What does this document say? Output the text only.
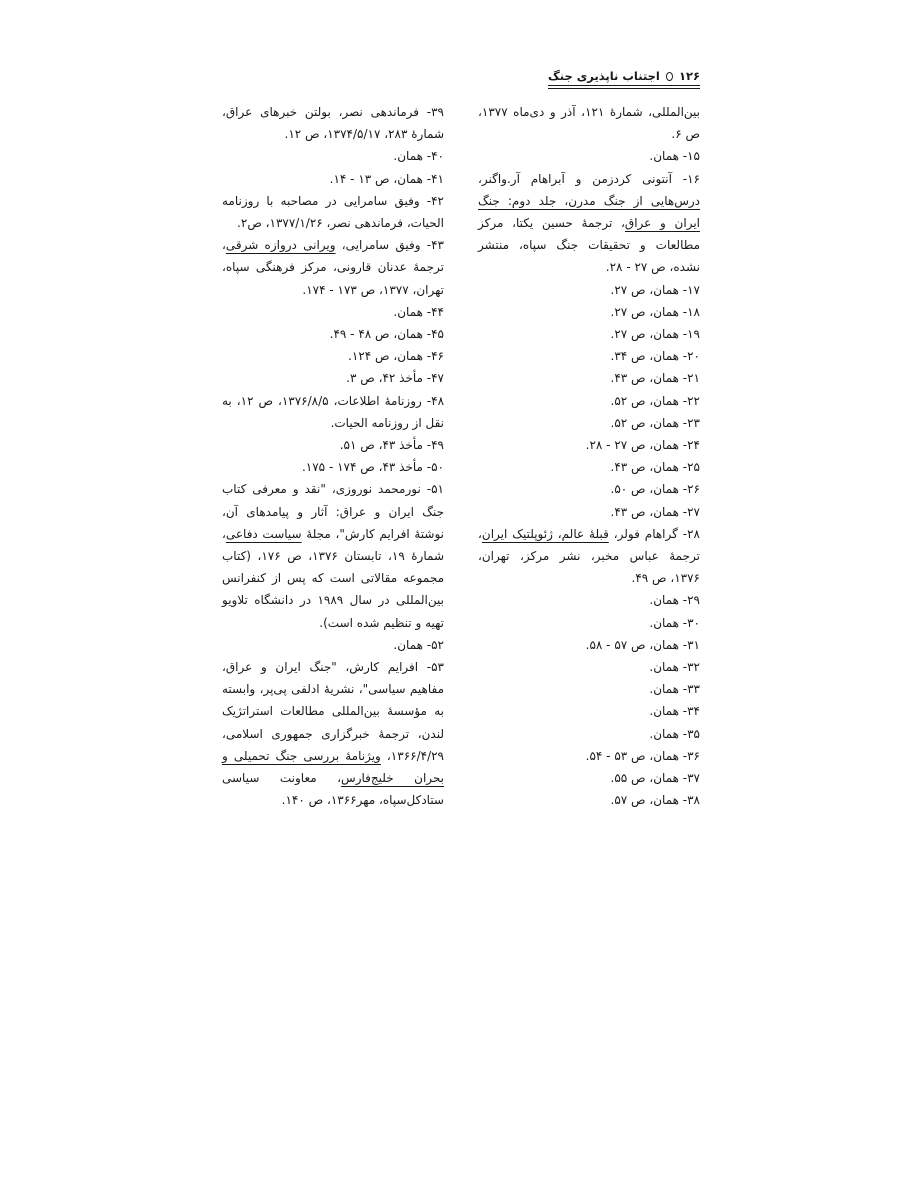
۱۲۶
اجتناب ناپذیری جنگ

بین‌المللی، شمارهٔ ۱۲۱، آذر و دی‌ماه ۱۳۷۷، ص ۶.

۱۵- همان.

۱۶- آنتونی کردزمن و آبراهام آر.واگنر، درس‌هایی از جنگ مدرن، جلد دوم: جنگ ایران و عراق، ترجمهٔ حسین یکتا، مرکز مطالعات و تحقیقات جنگ سپاه، منتشر نشده، ص ۲۷ - ۲۸.

۱۷- همان، ص ۲۷.

۱۸- همان، ص ۲۷.

۱۹- همان، ص ۲۷.

۲۰- همان، ص ۳۴.

۲۱- همان، ص ۴۳.

۲۲- همان، ص ۵۲.

۲۳- همان، ص ۵۲.

۲۴- همان، ص ۲۷ - ۲۸.

۲۵- همان، ص ۴۳.

۲۶- همان، ص ۵۰.

۲۷- همان، ص ۴۳.

۲۸- گراهام فولر، قبلهٔ عالم، ژئوپلتیک ایران، ترجمهٔ عباس مخبر، نشر مرکز، تهران، ۱۳۷۶، ص ۴۹.

۲۹- همان.

۳۰- همان.

۳۱- همان، ص ۵۷ - ۵۸.

۳۲- همان.

۳۳- همان.

۳۴- همان.

۳۵- همان.

۳۶- همان، ص ۵۳ - ۵۴.

۳۷- همان، ص ۵۵.

۳۸- همان، ص ۵۷.

۳۹- فرماندهی نصر، بولتن خبرهای عراق، شمارهٔ ۲۸۳، ۱۳۷۴/۵/۱۷، ص ۱۲.

۴۰- همان.

۴۱- همان، ص ۱۳ - ۱۴.

۴۲- وفیق سامرایی در مصاحبه با روزنامه الحیات، فرماندهی نصر، ۱۳۷۷/۱/۲۶، ص۲.

۴۳- وفیق سامرایی، ویرانی دروازه شرقی، ترجمهٔ عدنان قارونی، مرکز فرهنگی سپاه، تهران، ۱۳۷۷، ص ۱۷۳ - ۱۷۴.

۴۴- همان.

۴۵- همان، ص ۴۸ - ۴۹.

۴۶- همان، ص ۱۲۴.

۴۷- مأخذ ۴۲، ص ۳.

۴۸- روزنامهٔ اطلاعات، ۱۳۷۶/۸/۵، ص ۱۲، به نقل از روزنامه الحیات.

۴۹- مأخذ ۴۳، ص ۵۱.

۵۰- مأخذ ۴۳، ص ۱۷۴ - ۱۷۵.

۵۱- نورمحمد نوروزی، "نقد و معرفی کتاب جنگ ایران و عراق: آثار و پیامدهای آن، نوشتهٔ افرایم کارش"، مجلهٔ سیاست دفاعی، شمارهٔ ۱۹، تابستان ۱۳۷۶، ص ۱۷۶، (کتاب مجموعه مقالاتی است که پس از کنفرانس بین‌المللی در سال ۱۹۸۹ در دانشگاه تلاویو تهیه و تنظیم شده است).

۵۲- همان.

۵۳- افرایم کارش، "جنگ ایران و عراق، مفاهیم سیاسی"، نشریهٔ ادلفی پی‌پر، وابسته به مؤسسهٔ بین‌المللی مطالعات استراتژیک لندن، ترجمهٔ خبرگزاری جمهوری اسلامی، ۱۳۶۶/۴/۲۹، ویژنامهٔ بررسی جنگ تحمیلی و بحران خلیج‌فارس، معاونت سیاسی ستادکل‌سپاه، مهر۱۳۶۶، ص ۱۴۰.
